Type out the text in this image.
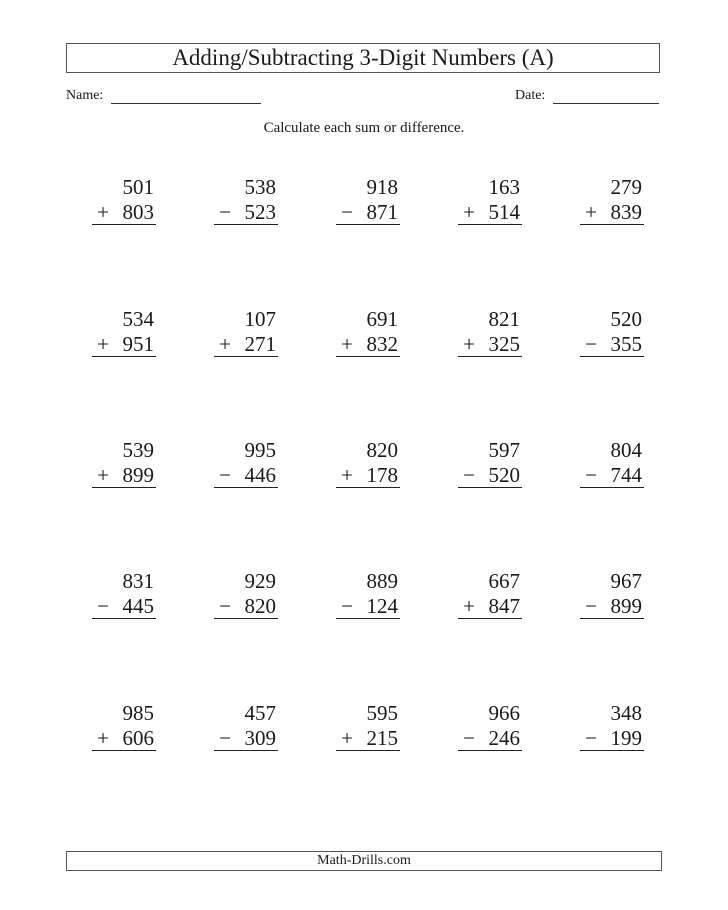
Adding/Subtracting 3-Digit Numbers (A)
Name:	Date:
Calculate each sum or difference.
501
+ 803
538
− 523
918
− 871
163
+ 514
279
+ 839
534
+ 951
107
+ 271
691
+ 832
821
+ 325
520
− 355
539
+ 899
995
− 446
820
+ 178
597
− 520
804
− 744
831
− 445
929
− 820
889
− 124
667
+ 847
967
− 899
985
+ 606
457
− 309
595
+ 215
966
− 246
348
− 199
Math-Drills.com
